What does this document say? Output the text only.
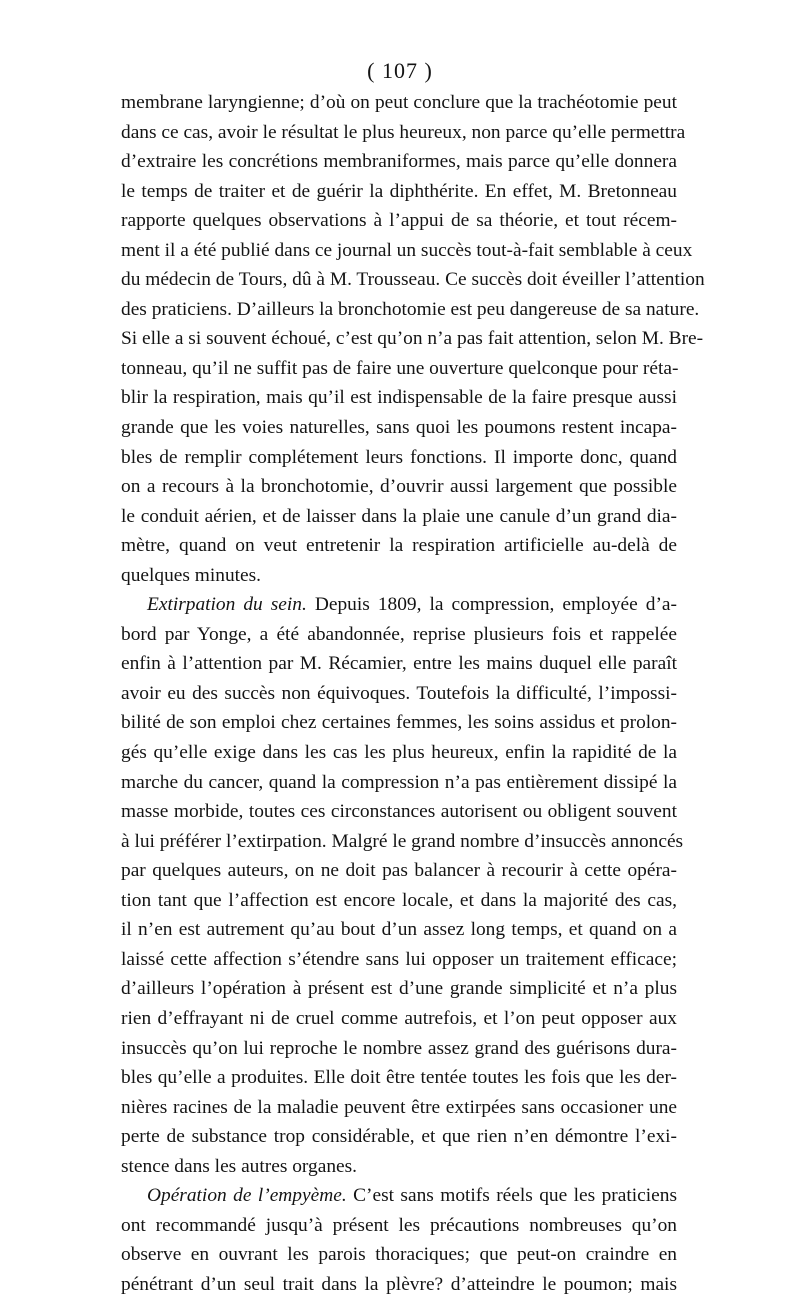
( 107 )
membrane laryngienne; d’où on peut conclure que la trachéotomie peut
dans ce cas, avoir le résultat le plus heureux, non parce qu’elle permettra
d’extraire les concrétions membraniformes, mais parce qu’elle donnera
le temps de traiter et de guérir la diphthérite. En effet, M. Bretonneau
rapporte quelques observations à l’appui de sa théorie, et tout récem-
ment il a été publié dans ce journal un succès tout-à-fait semblable à ceux
du médecin de Tours, dû à M. Trousseau. Ce succès doit éveiller l’attention
des praticiens. D’ailleurs la bronchotomie est peu dangereuse de sa nature.
Si elle a si souvent échoué, c’est qu’on n’a pas fait attention, selon M. Bre-
tonneau, qu’il ne suffit pas de faire une ouverture quelconque pour réta-
blir la respiration, mais qu’il est indispensable de la faire presque aussi
grande que les voies naturelles, sans quoi les poumons restent incapa-
bles de remplir complétement leurs fonctions. Il importe donc, quand
on a recours à la bronchotomie, d’ouvrir aussi largement que possible
le conduit aérien, et de laisser dans la plaie une canule d’un grand dia-
mètre, quand on veut entretenir la respiration artificielle au-delà de
quelques minutes.
Extirpation du sein. Depuis 1809, la compression, employée d’a-
bord par Yonge, a été abandonnée, reprise plusieurs fois et rappelée
enfin à l’attention par M. Récamier, entre les mains duquel elle paraît
avoir eu des succès non équivoques. Toutefois la difficulté, l’impossi-
bilité de son emploi chez certaines femmes, les soins assidus et prolon-
gés qu’elle exige dans les cas les plus heureux, enfin la rapidité de la
marche du cancer, quand la compression n’a pas entièrement dissipé la
masse morbide, toutes ces circonstances autorisent ou obligent souvent
à lui préférer l’extirpation. Malgré le grand nombre d’insuccès annoncés
par quelques auteurs, on ne doit pas balancer à recourir à cette opéra-
tion tant que l’affection est encore locale, et dans la majorité des cas,
il n’en est autrement qu’au bout d’un assez long temps, et quand on a
laissé cette affection s’étendre sans lui opposer un traitement efficace;
d’ailleurs l’opération à présent est d’une grande simplicité et n’a plus
rien d’effrayant ni de cruel comme autrefois, et l’on peut opposer aux
insuccès qu’on lui reproche le nombre assez grand des guérisons dura-
bles qu’elle a produites. Elle doit être tentée toutes les fois que les der-
nières racines de la maladie peuvent être extirpées sans occasioner une
perte de substance trop considérable, et que rien n’en démontre l’exi-
stence dans les autres organes.
Opération de l’empyème. C’est sans motifs réels que les praticiens
ont recommandé jusqu’à présent les précautions nombreuses qu’on
observe en ouvrant les parois thoraciques; que peut-on craindre en
pénétrant d’un seul trait dans la plèvre? d’atteindre le poumon; mais
